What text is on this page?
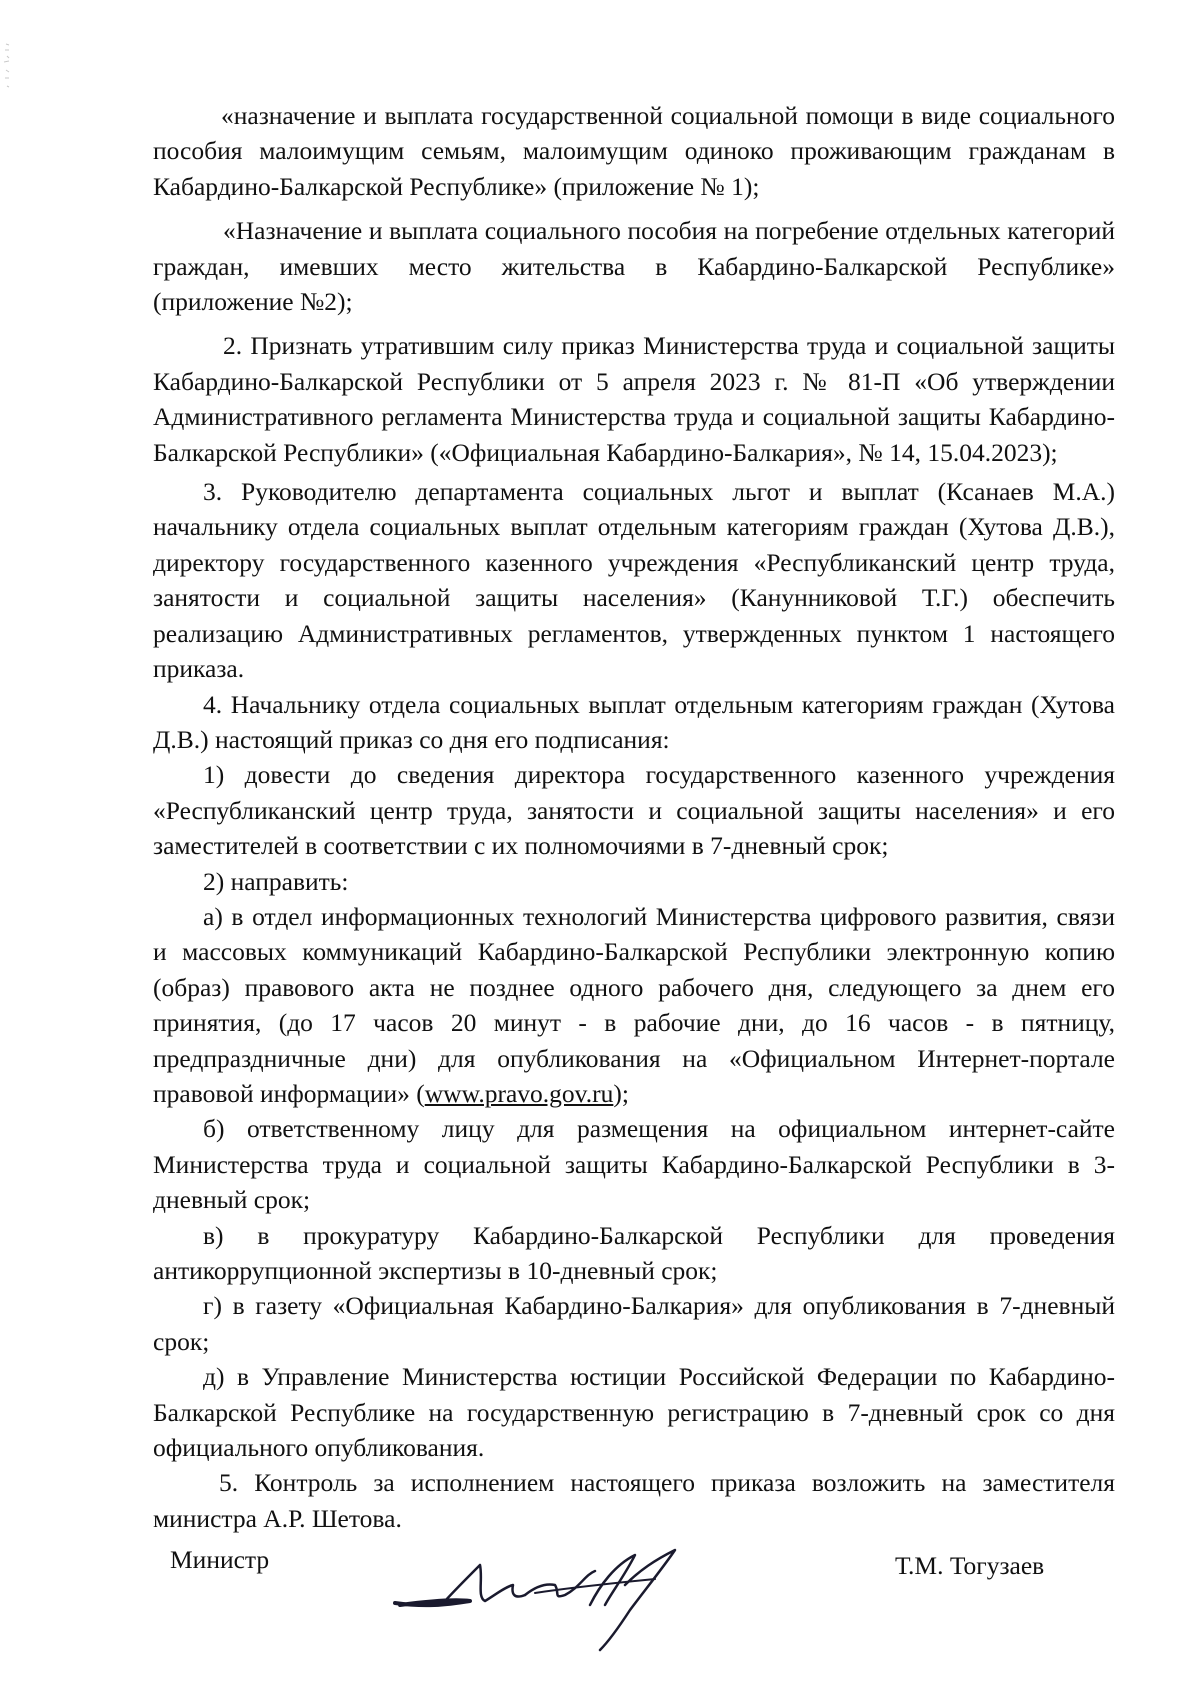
«назначение и выплата государственной социальной помощи в виде социального пособия малоимущим семьям, малоимущим одиноко проживающим гражданам в Кабардино-Балкарской Республике» (приложение № 1);

«Назначение и выплата социального пособия на погребение отдельных категорий граждан, имевших место жительства в Кабардино-Балкарской Республике» (приложение №2);

2. Признать утратившим силу приказ Министерства труда и социальной защиты Кабардино-Балкарской Республики от 5 апреля 2023 г. № 81-П «Об утверждении Административного регламента Министерства труда и социальной защиты Кабардино-Балкарской Республики» («Официальная Кабардино-Балкария», № 14, 15.04.2023);

3. Руководителю департамента социальных льгот и выплат (Ксанаев М.А.) начальнику отдела социальных выплат отдельным категориям граждан (Хутова Д.В.), директору государственного казенного учреждения «Республиканский центр труда, занятости и социальной защиты населения» (Канунниковой Т.Г.) обеспечить реализацию Административных регламентов, утвержденных пунктом 1 настоящего приказа.

4. Начальнику отдела социальных выплат отдельным категориям граждан (Хутова Д.В.) настоящий приказ со дня его подписания:

1) довести до сведения директора государственного казенного учреждения «Республиканский центр труда, занятости и социальной защиты населения» и его заместителей в соответствии с их полномочиями в 7-дневный срок;

2) направить:

а) в отдел информационных технологий Министерства цифрового развития, связи и массовых коммуникаций Кабардино-Балкарской Республики электронную копию (образ) правового акта не позднее одного рабочего дня, следующего за днем его принятия, (до 17 часов 20 минут - в рабочие дни, до 16 часов - в пятницу, предпраздничные дни) для опубликования на «Официальном Интернет-портале правовой информации» (www.pravo.gov.ru);

б) ответственному лицу для размещения на официальном интернет-сайте Министерства труда и социальной защиты Кабардино-Балкарской Республики в 3-дневный срок;

в) в прокуратуру Кабардино-Балкарской Республики для проведения антикоррупционной экспертизы в 10-дневный срок;

г) в газету «Официальная Кабардино-Балкария» для опубликования в 7-дневный срок;

д) в Управление Министерства юстиции Российской Федерации по Кабардино-Балкарской Республике на государственную регистрацию в 7-дневный срок со дня официального опубликования.

5. Контроль за исполнением настоящего приказа возложить на заместителя министра А.Р. Шетова.

Министр	Т.М. Тогузаев
